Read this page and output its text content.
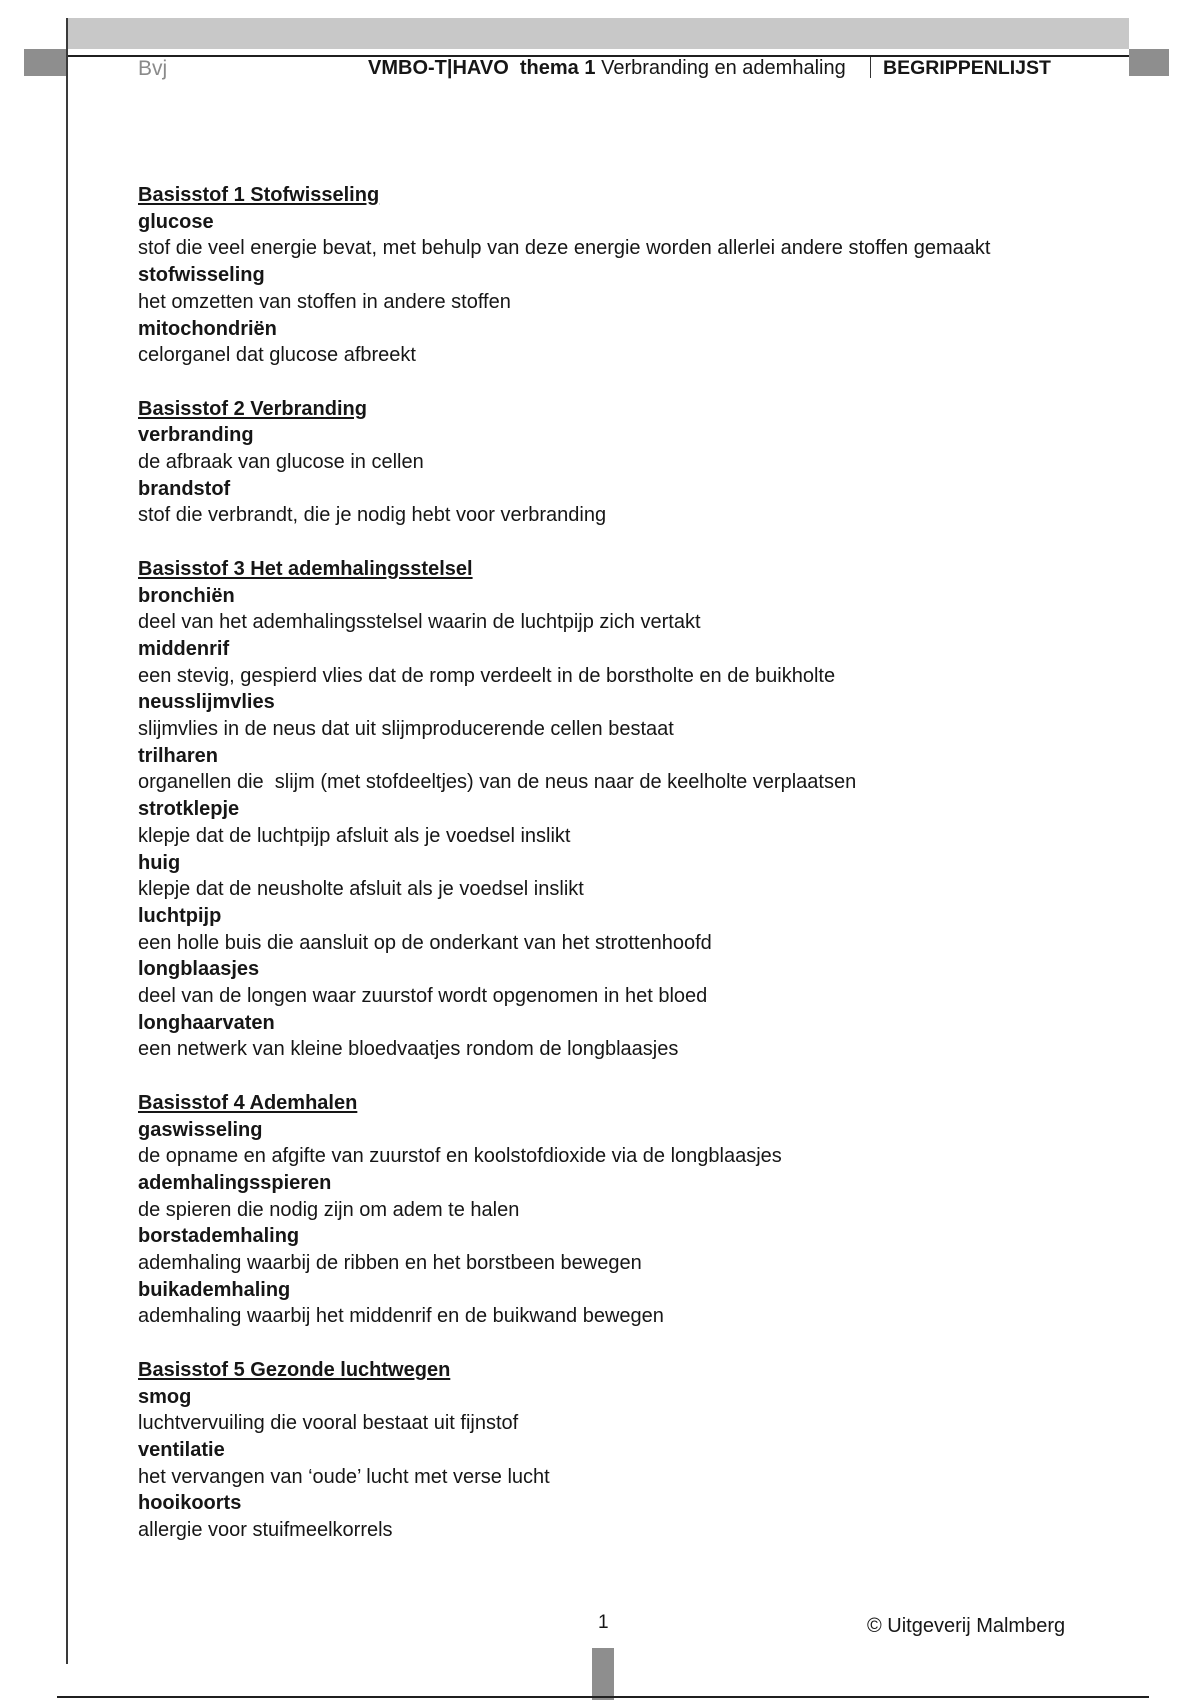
Bvj	VMBO-T|HAVO  thema 1 Verbranding en ademhaling BEGRIPPENLIJST
Basisstof 1 Stofwisseling
glucose
stof die veel energie bevat, met behulp van deze energie worden allerlei andere stoffen gemaakt
stofwisseling
het omzetten van stoffen in andere stoffen
mitochondriën
celorganel dat glucose afbreekt
Basisstof 2 Verbranding
verbranding
de afbraak van glucose in cellen
brandstof
stof die verbrandt, die je nodig hebt voor verbranding
Basisstof 3 Het ademhalingsstelsel
bronchiën
deel van het ademhalingsstelsel waarin de luchtpijp zich vertakt
middenrif
een stevig, gespierd vlies dat de romp verdeelt in de borstholte en de buikholte
neusslijmvlies
slijmvlies in de neus dat uit slijmproducerende cellen bestaat
trilharen
organellen die  slijm (met stofdeeltjes) van de neus naar de keelholte verplaatsen
strotklepje
klepje dat de luchtpijp afsluit als je voedsel inslikt
huig
klepje dat de neusholte afsluit als je voedsel inslikt
luchtpijp
een holle buis die aansluit op de onderkant van het strottenhoofd
longblaasjes
deel van de longen waar zuurstof wordt opgenomen in het bloed
longhaarvaten
een netwerk van kleine bloedvaatjes rondom de longblaasjes
Basisstof 4 Ademhalen
gaswisseling
de opname en afgifte van zuurstof en koolstofdioxide via de longblaasjes
ademhalingsspieren
de spieren die nodig zijn om adem te halen
borstademhaling
ademhaling waarbij de ribben en het borstbeen bewegen
buikademhaling
ademhaling waarbij het middenrif en de buikwand bewegen
Basisstof 5 Gezonde luchtwegen
smog
luchtvervuiling die vooral bestaat uit fijnstof
ventilatie
het vervangen van ‘oude’ lucht met verse lucht
hooikoorts
allergie voor stuifmeelkorrels
1	© Uitgeverij Malmberg
